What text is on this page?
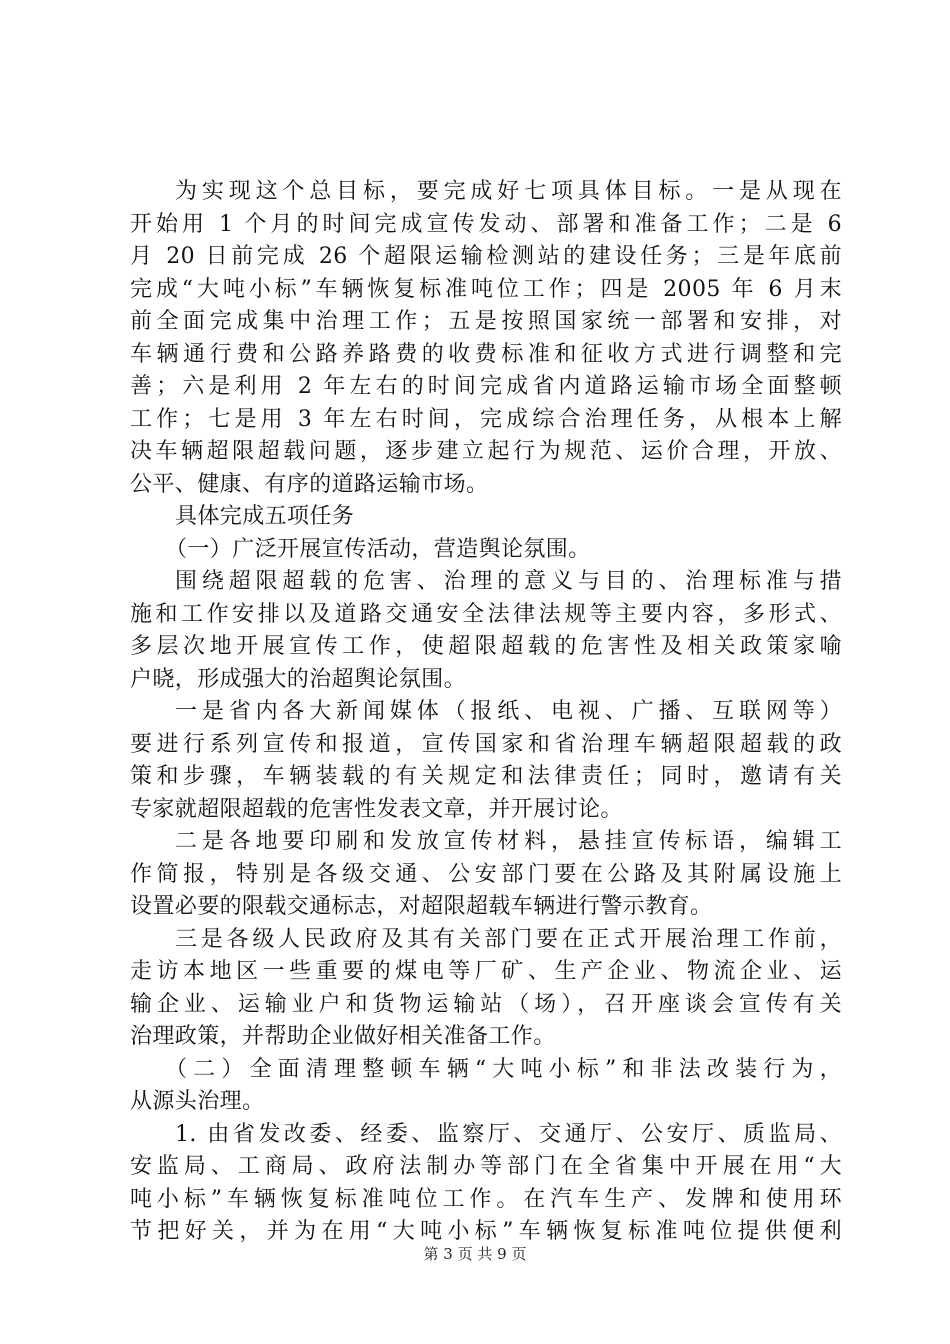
为实现这个总目标，要完成好七项具体目标。一是从现在
开始用 1 个月的时间完成宣传发动、部署和准备工作；二是 6
月 20 日前完成 26 个超限运输检测站的建设任务；三是年底前
完成“大吨小标”车辆恢复标准吨位工作；四是 2005 年 6 月末
前全面完成集中治理工作；五是按照国家统一部署和安排，对
车辆通行费和公路养路费的收费标准和征收方式进行调整和完
善；六是利用 2 年左右的时间完成省内道路运输市场全面整顿
工作；七是用 3 年左右时间，完成综合治理任务，从根本上解
决车辆超限超载问题，逐步建立起行为规范、运价合理，开放、
公平、健康、有序的道路运输市场。
具体完成五项任务
（一）广泛开展宣传活动，营造舆论氛围。
围绕超限超载的危害、治理的意义与目的、治理标准与措
施和工作安排以及道路交通安全法律法规等主要内容，多形式、
多层次地开展宣传工作，使超限超载的危害性及相关政策家喻
户晓，形成强大的治超舆论氛围。
一是省内各大新闻媒体（报纸、电视、广播、互联网等）
要进行系列宣传和报道，宣传国家和省治理车辆超限超载的政
策和步骤，车辆装载的有关规定和法律责任；同时，邀请有关
专家就超限超载的危害性发表文章，并开展讨论。
二是各地要印刷和发放宣传材料，悬挂宣传标语，编辑工
作简报，特别是各级交通、公安部门要在公路及其附属设施上
设置必要的限载交通标志，对超限超载车辆进行警示教育。
三是各级人民政府及其有关部门要在正式开展治理工作前，
走访本地区一些重要的煤电等厂矿、生产企业、物流企业、运
输企业、运输业户和货物运输站（场），召开座谈会宣传有关
治理政策，并帮助企业做好相关准备工作。
（二）全面清理整顿车辆“大吨小标”和非法改装行为，
从源头治理。
1. 由省发改委、经委、监察厅、交通厅、公安厅、质监局、
安监局、工商局、政府法制办等部门在全省集中开展在用“大
吨小标”车辆恢复标准吨位工作。在汽车生产、发牌和使用环
节把好关，并为在用“大吨小标”车辆恢复标准吨位提供便利
第 3 页 共 9 页
